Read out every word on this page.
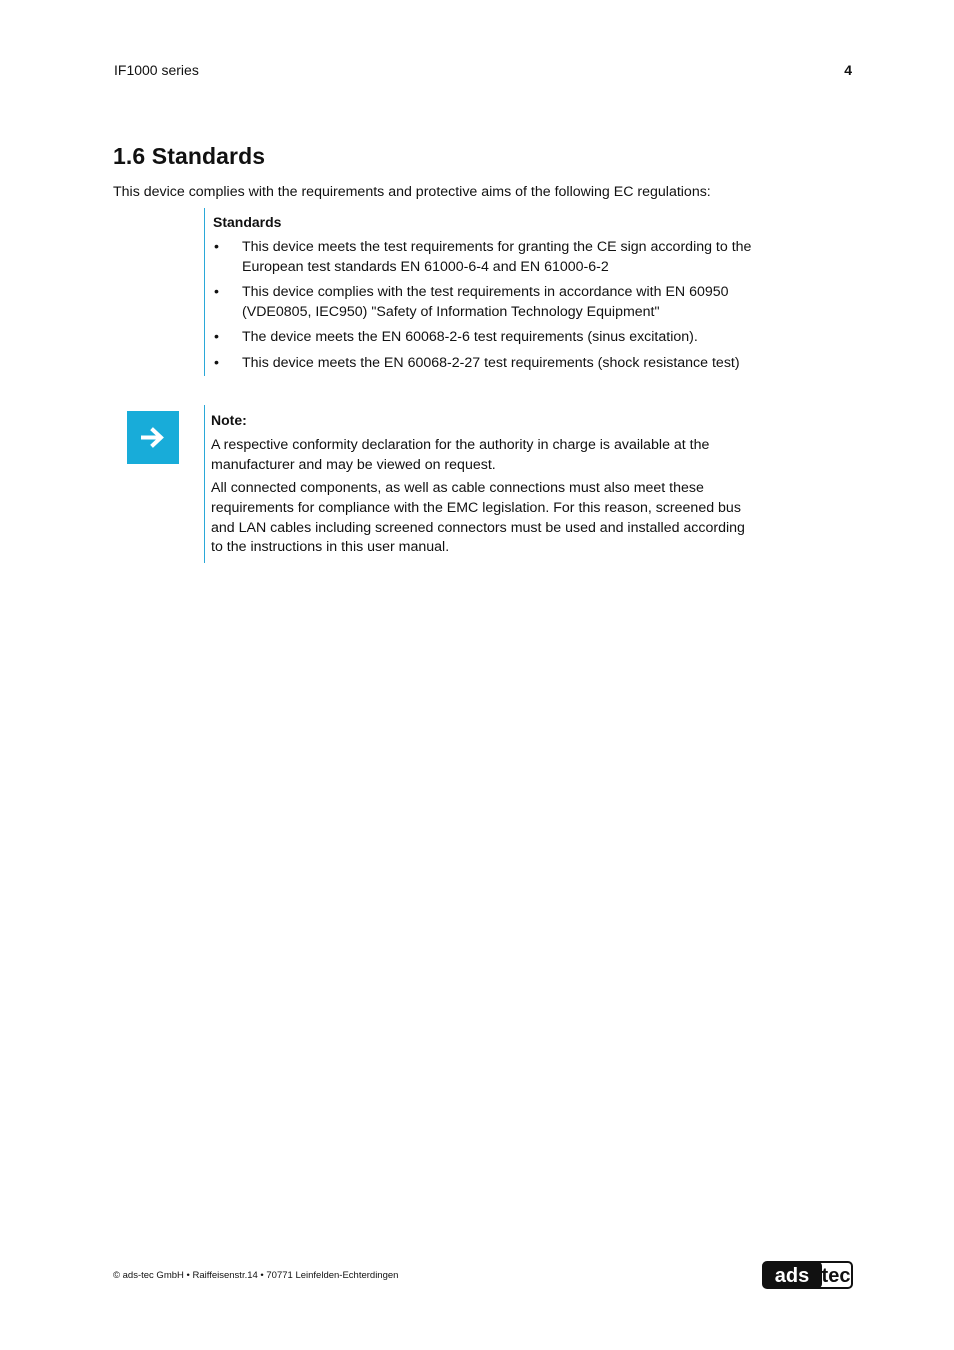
IF1000 series	4
1.6 Standards
This device complies with the requirements and protective aims of the following EC regulations:
Standards
• This device meets the test requirements for granting the CE sign according to the European test standards EN 61000-6-4 and EN 61000-6-2
• This device complies with the test requirements in accordance with EN 60950 (VDE0805, IEC950) "Safety of Information Technology Equipment"
• The device meets the EN 60068-2-6 test requirements (sinus excitation).
• This device meets the EN 60068-2-27 test requirements (shock resistance test)
Note:
A respective conformity declaration for the authority in charge is available at the manufacturer and may be viewed on request.
All connected components, as well as cable connections must also meet these requirements for compliance with the EMC legislation. For this reason, screened bus and LAN cables including screened connectors must be used and installed according to the instructions in this user manual.
© ads-tec GmbH • Raiffeisenstr.14 • 70771 Leinfelden-Echterdingen	ads tec
